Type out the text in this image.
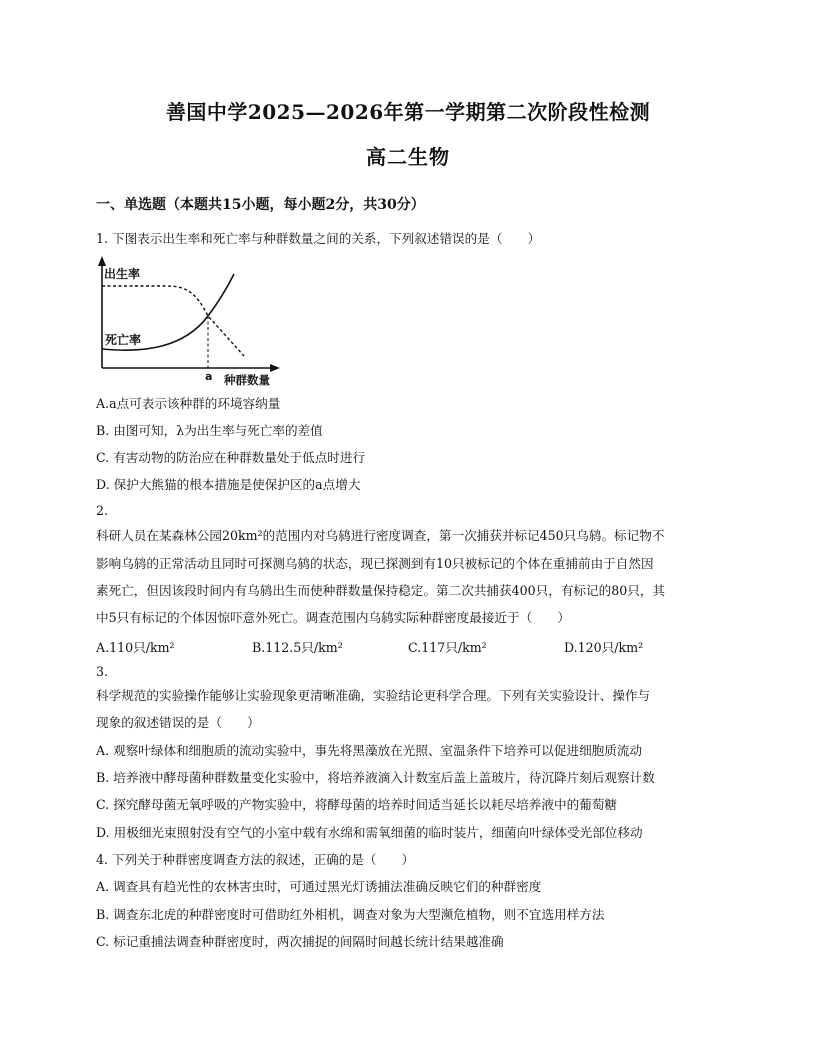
善国中学2025—2026年第一学期第二次阶段性检测
高二生物
一、单选题（本题共15小题，每小题2分，共30分）
1. 下图表示出生率和死亡率与种群数量之间的关系，下列叙述错误的是（　　）
出生率
死亡率
a 种群数量
A.a点可表示该种群的环境容纳量
B. 由图可知，λ为出生率与死亡率的差值
C. 有害动物的防治应在种群数量处于低点时进行
D. 保护大熊猫的根本措施是使保护区的a点增大
2.
科研人员在某森林公园20km²的范围内对乌鸫进行密度调查，第一次捕获并标记450只乌鸫。标记物不
影响乌鸫的正常活动且同时可探测乌鸫的状态，现已探测到有10只被标记的个体在重捕前由于自然因
素死亡，但因该段时间内有乌鸫出生而使种群数量保持稳定。第二次共捕获400只，有标记的80只，其
中5只有标记的个体因惊吓意外死亡。调查范围内乌鸫实际种群密度最接近于（　　）
A.110只/km²	B.112.5只/km²	C.117只/km²	D.120只/km²
3.
科学规范的实验操作能够让实验现象更清晰准确，实验结论更科学合理。下列有关实验设计、操作与
现象的叙述错误的是（　　）
A. 观察叶绿体和细胞质的流动实验中，事先将黑藻放在光照、室温条件下培养可以促进细胞质流动
B. 培养液中酵母菌种群数量变化实验中，将培养液滴入计数室后盖上盖玻片，待沉降片刻后观察计数
C. 探究酵母菌无氧呼吸的产物实验中，将酵母菌的培养时间适当延长以耗尽培养液中的葡萄糖
D. 用极细光束照射没有空气的小室中载有水绵和需氧细菌的临时装片，细菌向叶绿体受光部位移动
4. 下列关于种群密度调查方法的叙述，正确的是（　　）
A. 调查具有趋光性的农林害虫时，可通过黑光灯诱捕法准确反映它们的种群密度
B. 调查东北虎的种群密度时可借助红外相机，调查对象为大型濒危植物，则不宜选用样方法
C. 标记重捕法调查种群密度时，两次捕捉的间隔时间越长统计结果越准确
